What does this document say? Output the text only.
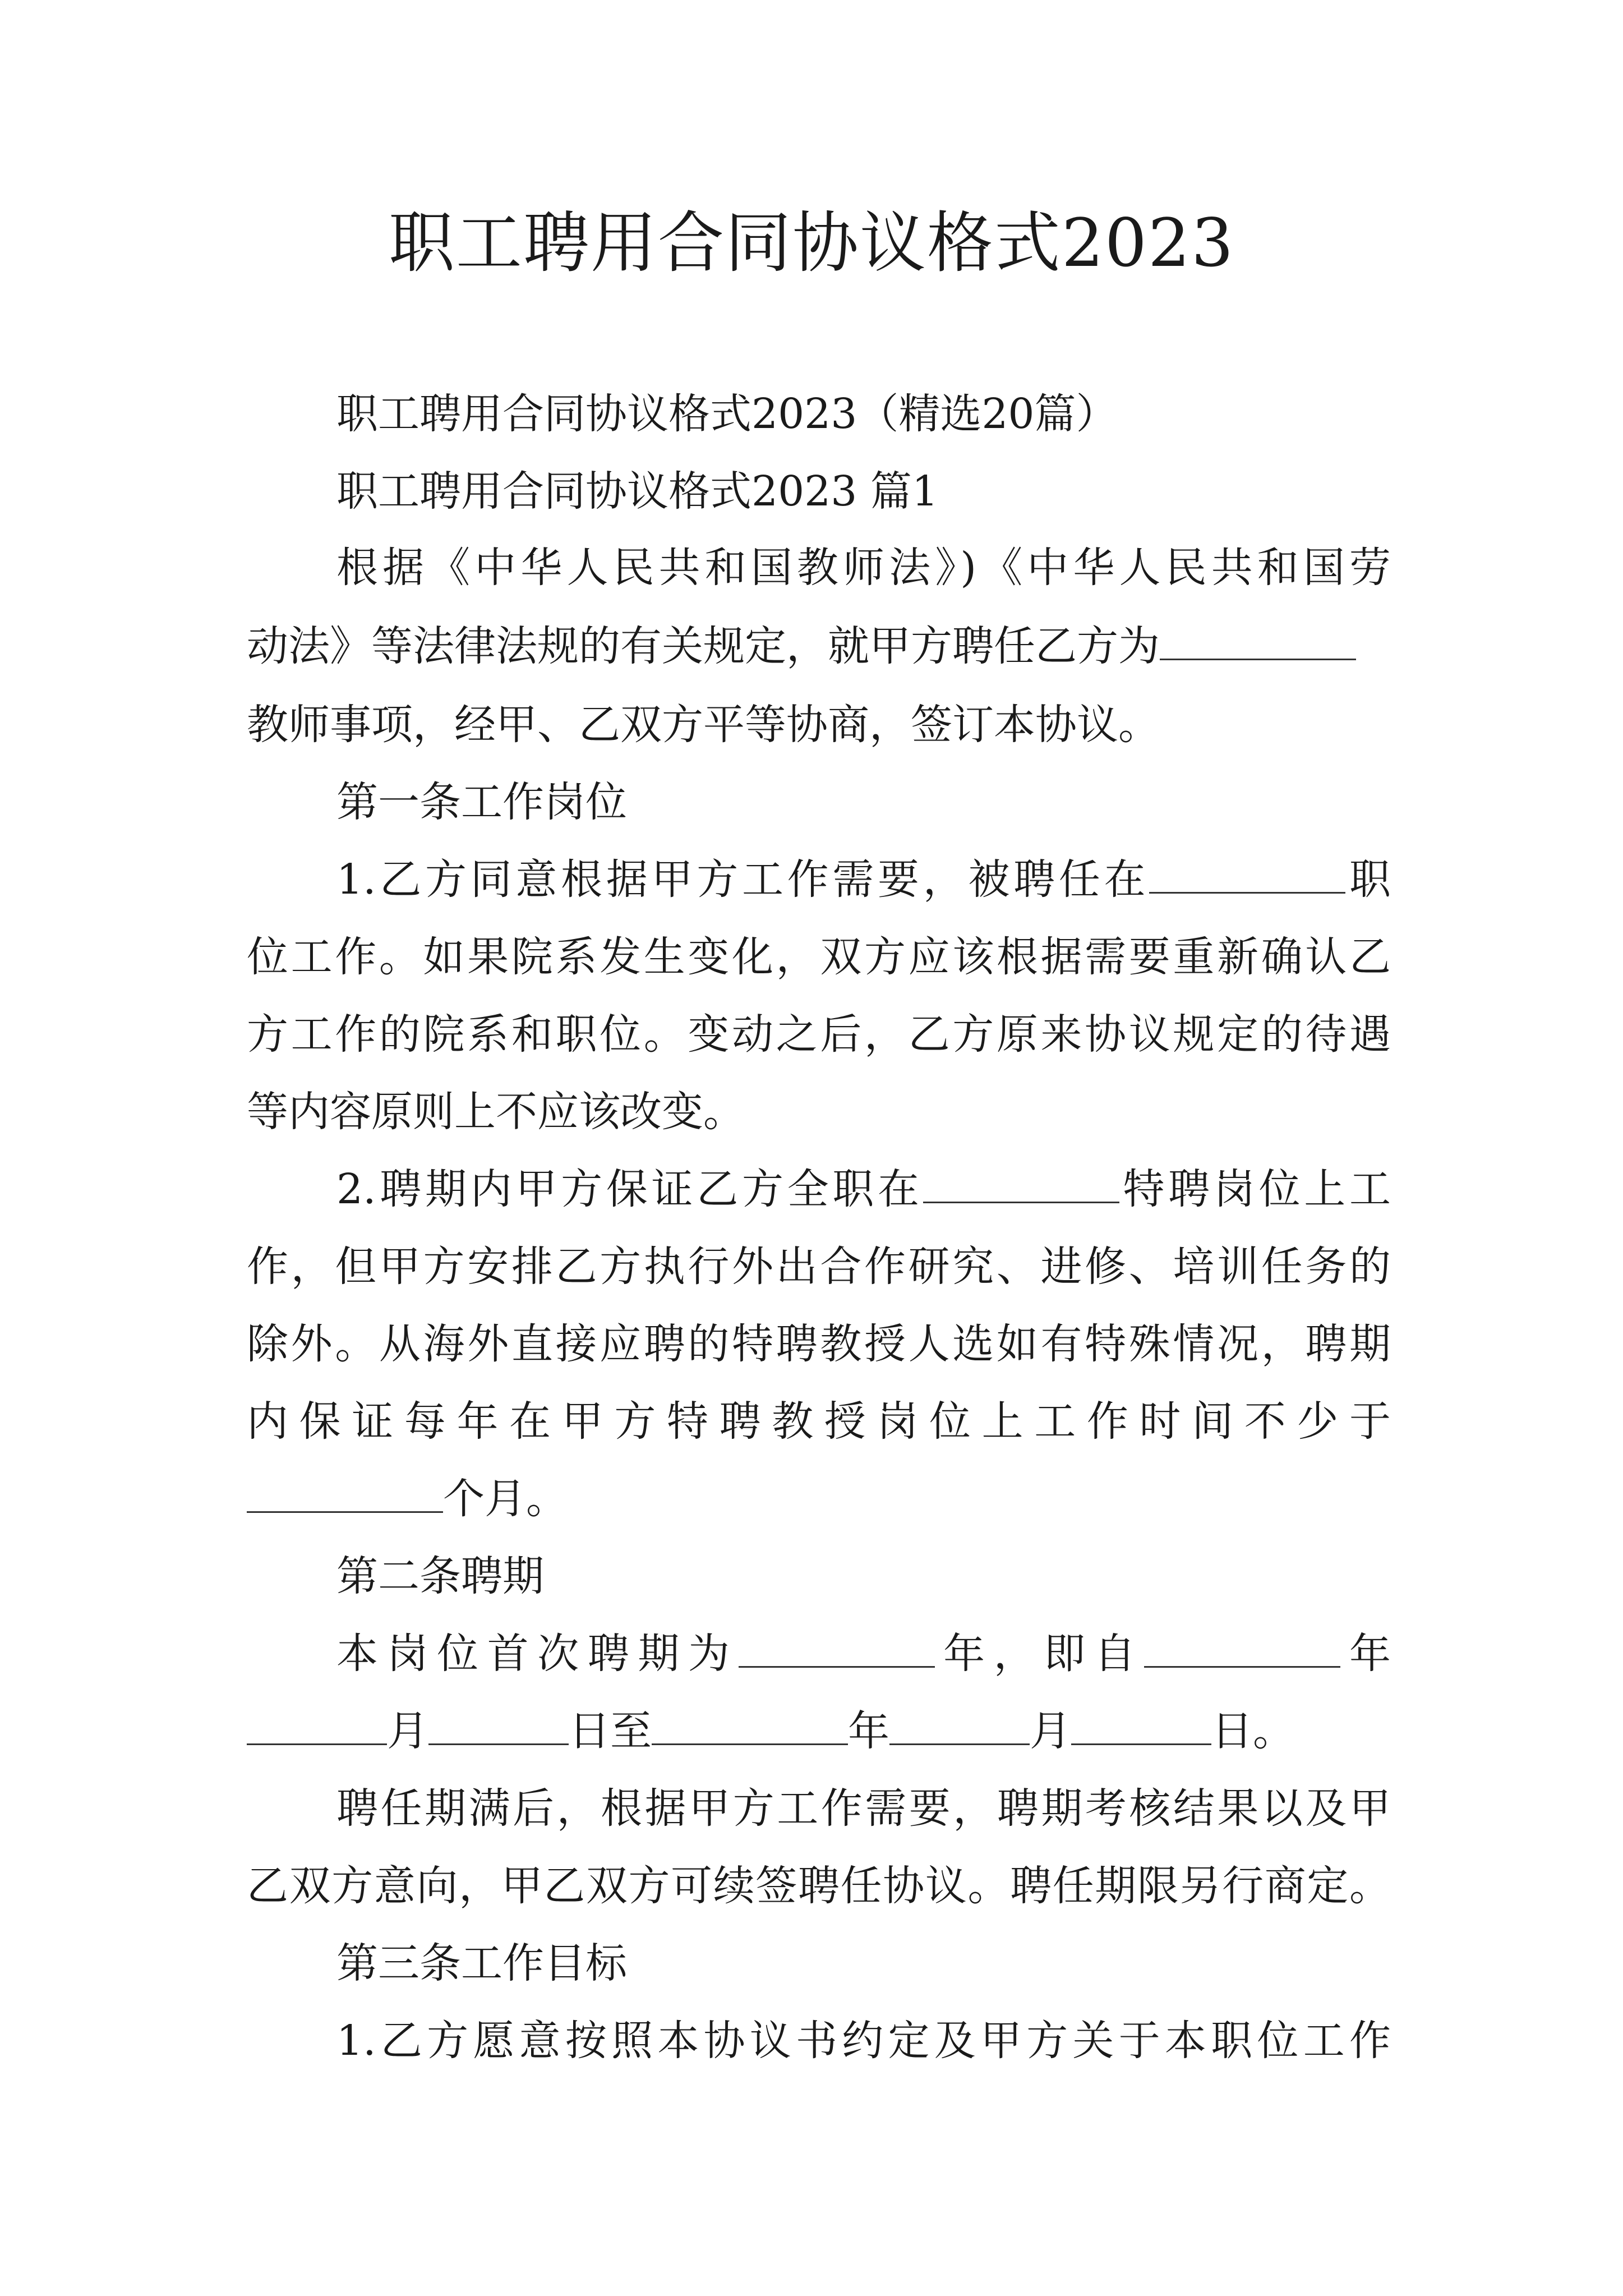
职工聘用合同协议格式2023
职工聘用合同协议格式2023（精选20篇）
职工聘用合同协议格式2023 篇1
根据《中华人民共和国教师法》)《中华人民共和国劳
动法》等法律法规的有关规定，就甲方聘任乙方为
教师事项，经甲、乙双方平等协商，签订本协议。
第一条工作岗位
1.乙方同意根据甲方工作需要，被聘任在	职
位工作。如果院系发生变化，双方应该根据需要重新确认乙
方工作的院系和职位。变动之后，乙方原来协议规定的待遇
等内容原则上不应该改变。
2.聘期内甲方保证乙方全职在	特聘岗位上工
作，但甲方安排乙方执行外出合作研究、进修、培训任务的
除外。从海外直接应聘的特聘教授人选如有特殊情况，聘期
内保证每年在甲方特聘教授岗位上工作时间不少于
个月。
第二条聘期
本岗位首次聘期为	年，即自	年
月	日至	年	月	日。
聘任期满后，根据甲方工作需要，聘期考核结果以及甲
乙双方意向，甲乙双方可续签聘任协议。聘任期限另行商定。
第三条工作目标
1.乙方愿意按照本协议书约定及甲方关于本职位工作
